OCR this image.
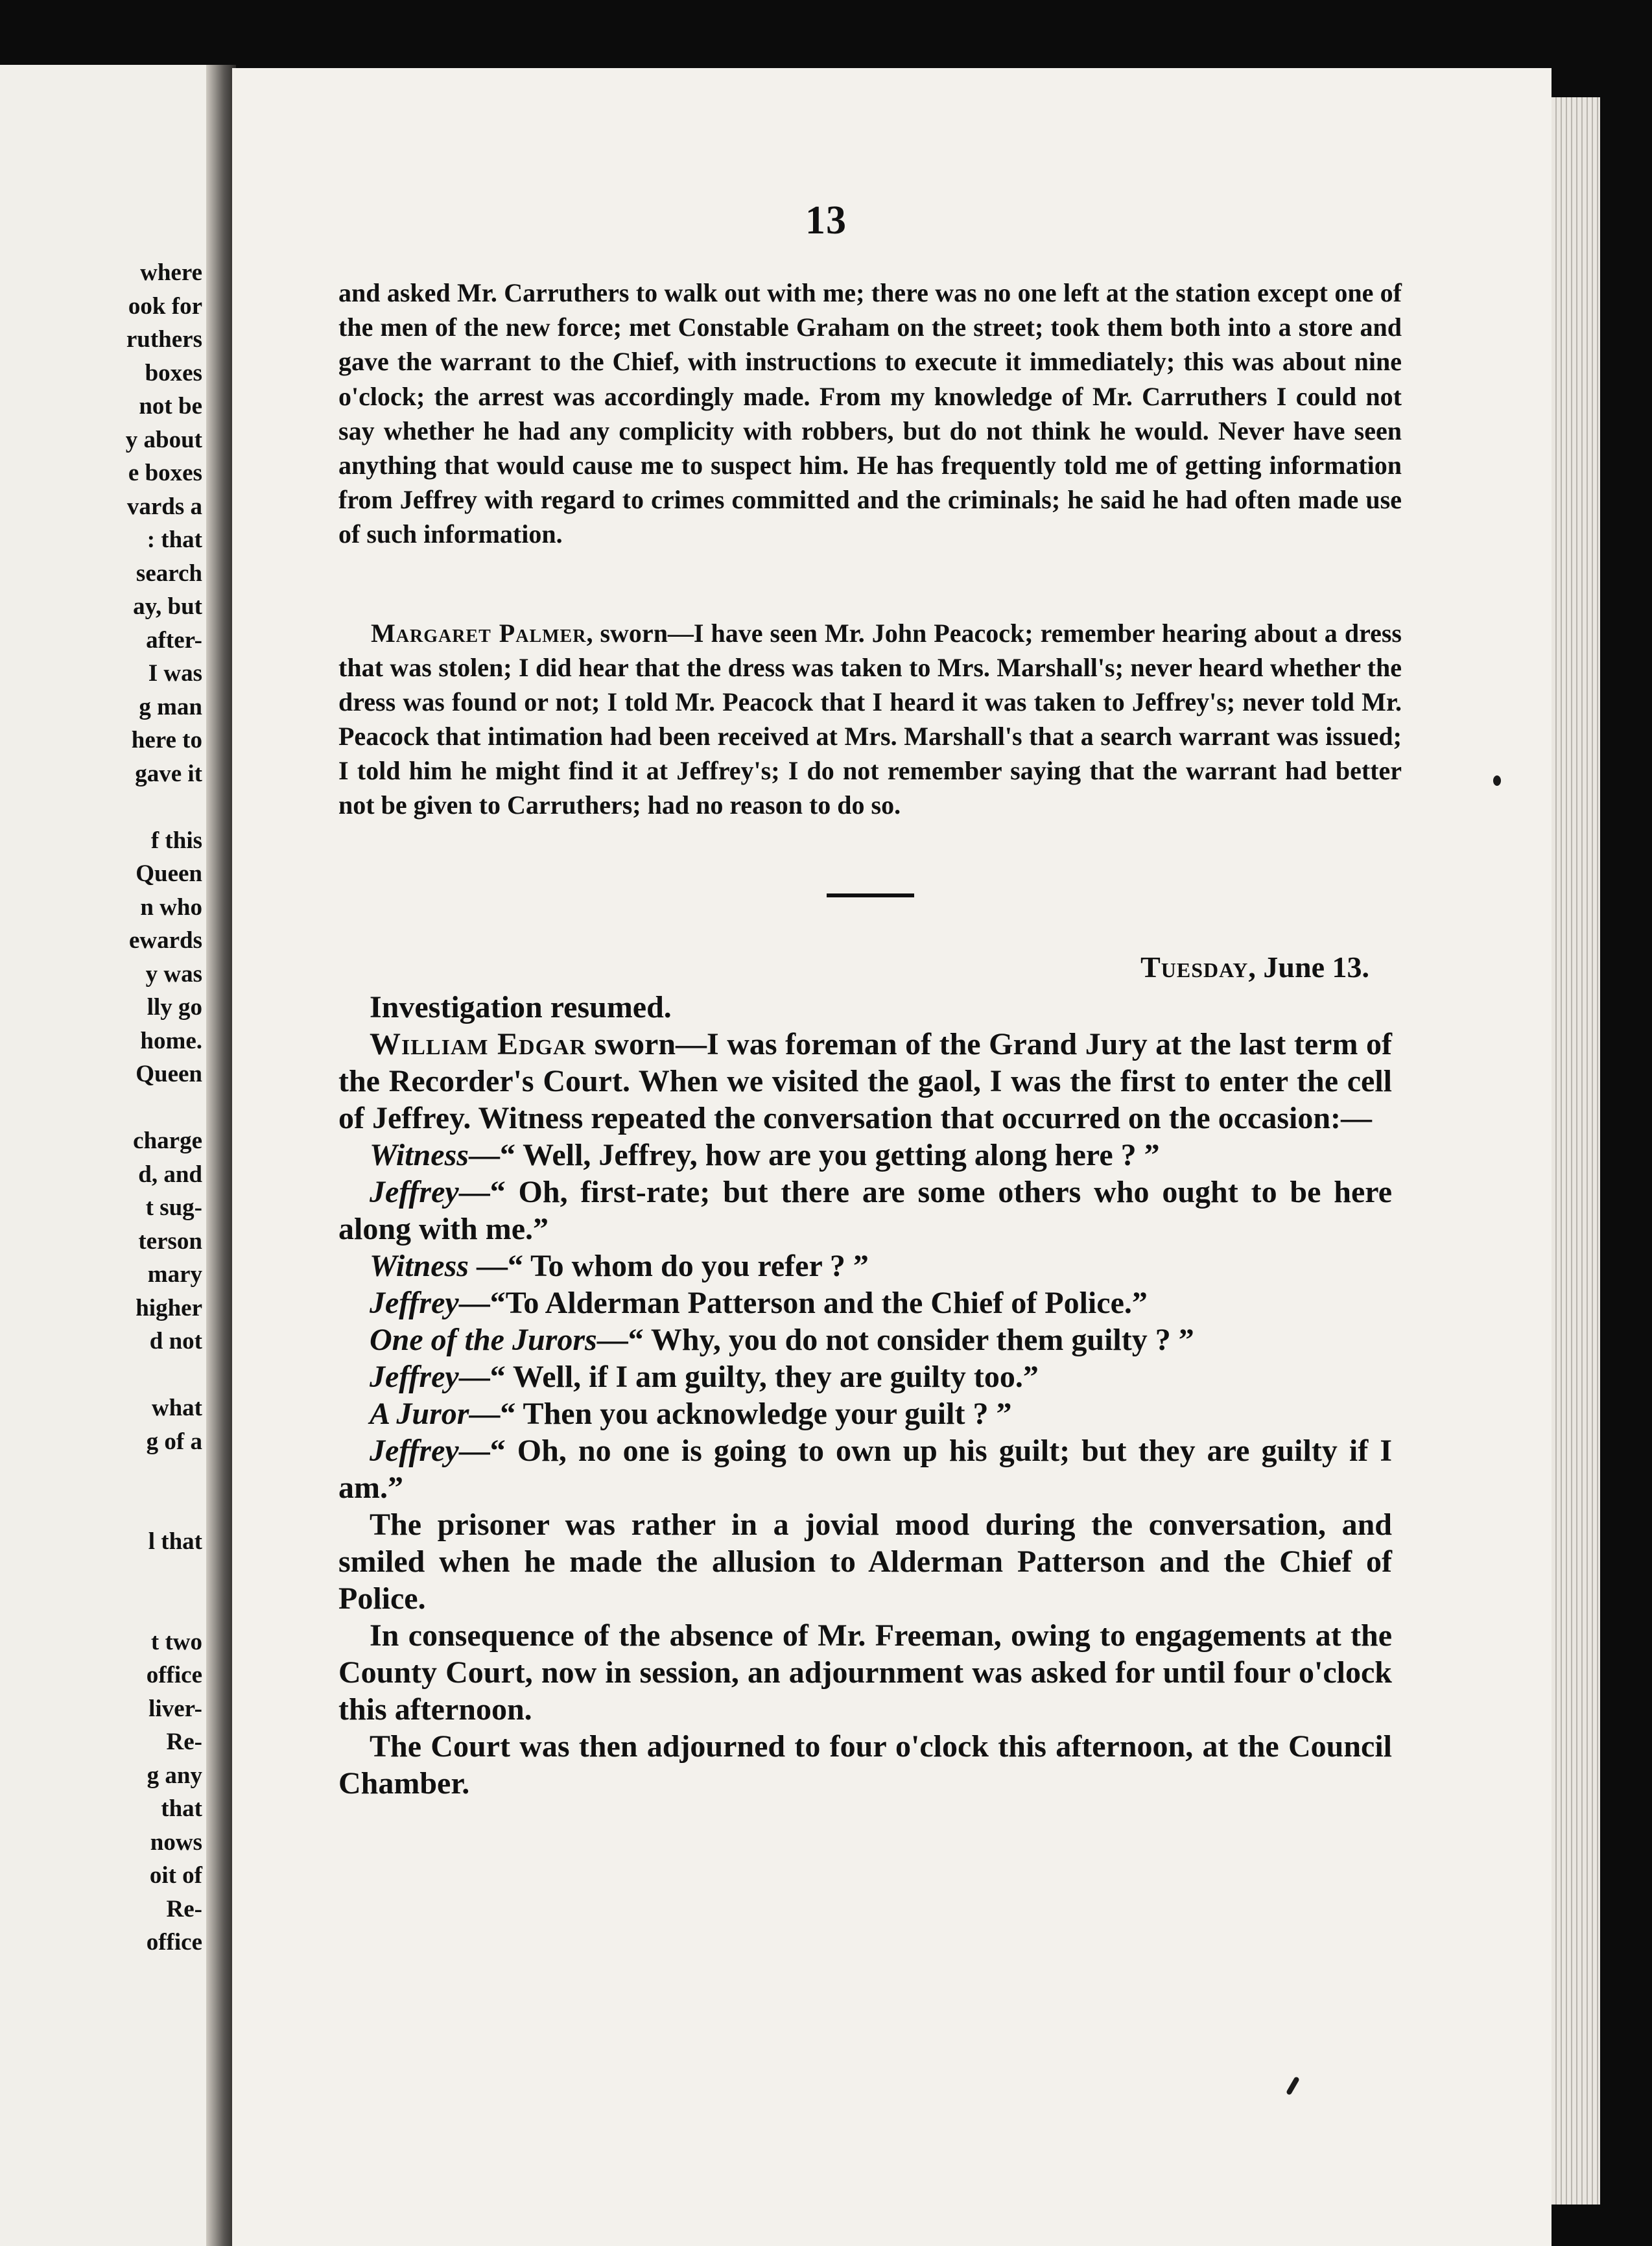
where
ook for
ruthers
boxes
not be
y about
e boxes
vards a
: that
search
ay, but
after-
I was
g man
here to
gave it
f this
Queen
n who
ewards
y was
lly go
home.
Queen
charge
d, and
t sug-
terson
mary
higher
d not
what
g of a
l that
t two
office
liver-
Re-
g any
that
nows
oit of
Re-
office
13

and asked Mr. Carruthers to walk out with me; there was no one left at the station except one of the men of the new force; met Constable Graham on the street; took them both into a store and gave the warrant to the Chief, with instructions to execute it immediately; this was about nine o'clock; the arrest was accordingly made. From my knowledge of Mr. Carruthers I could not say whether he had any complicity with robbers, but do not think he would. Never have seen anything that would cause me to suspect him. He has frequently told me of getting information from Jeffrey with regard to crimes committed and the criminals; he said he had often made use of such information.

Margaret Palmer, sworn—I have seen Mr. John Peacock; remember hearing about a dress that was stolen; I did hear that the dress was taken to Mrs. Marshall's; never heard whether the dress was found or not; I told Mr. Peacock that I heard it was taken to Jeffrey's; never told Mr. Peacock that intimation had been received at Mrs. Marshall's that a search warrant was issued; I told him he might find it at Jeffrey's; I do not remember saying that the warrant had better not be given to Carruthers; had no reason to do so.

Tuesday, June 13.

Investigation resumed.

William Edgar sworn—I was foreman of the Grand Jury at the last term of the Recorder's Court. When we visited the gaol, I was the first to enter the cell of Jeffrey. Witness repeated the conversation that occurred on the occasion:—

Witness—“ Well, Jeffrey, how are you getting along here ? ”

Jeffrey—“ Oh, first-rate; but there are some others who ought to be here along with me.”

Witness —“ To whom do you refer ? ”

Jeffrey—“To Alderman Patterson and the Chief of Police.”

One of the Jurors—“ Why, you do not consider them guilty ? ”

Jeffrey—“ Well, if I am guilty, they are guilty too.”

A Juror—“ Then you acknowledge your guilt ? ”

Jeffrey—“ Oh, no one is going to own up his guilt; but they are guilty if I am.”

The prisoner was rather in a jovial mood during the conversation, and smiled when he made the allusion to Alderman Patterson and the Chief of Police.

In consequence of the absence of Mr. Freeman, owing to engagements at the County Court, now in session, an adjournment was asked for until four o'clock this afternoon.

The Court was then adjourned to four o'clock this afternoon, at the Council Chamber.
